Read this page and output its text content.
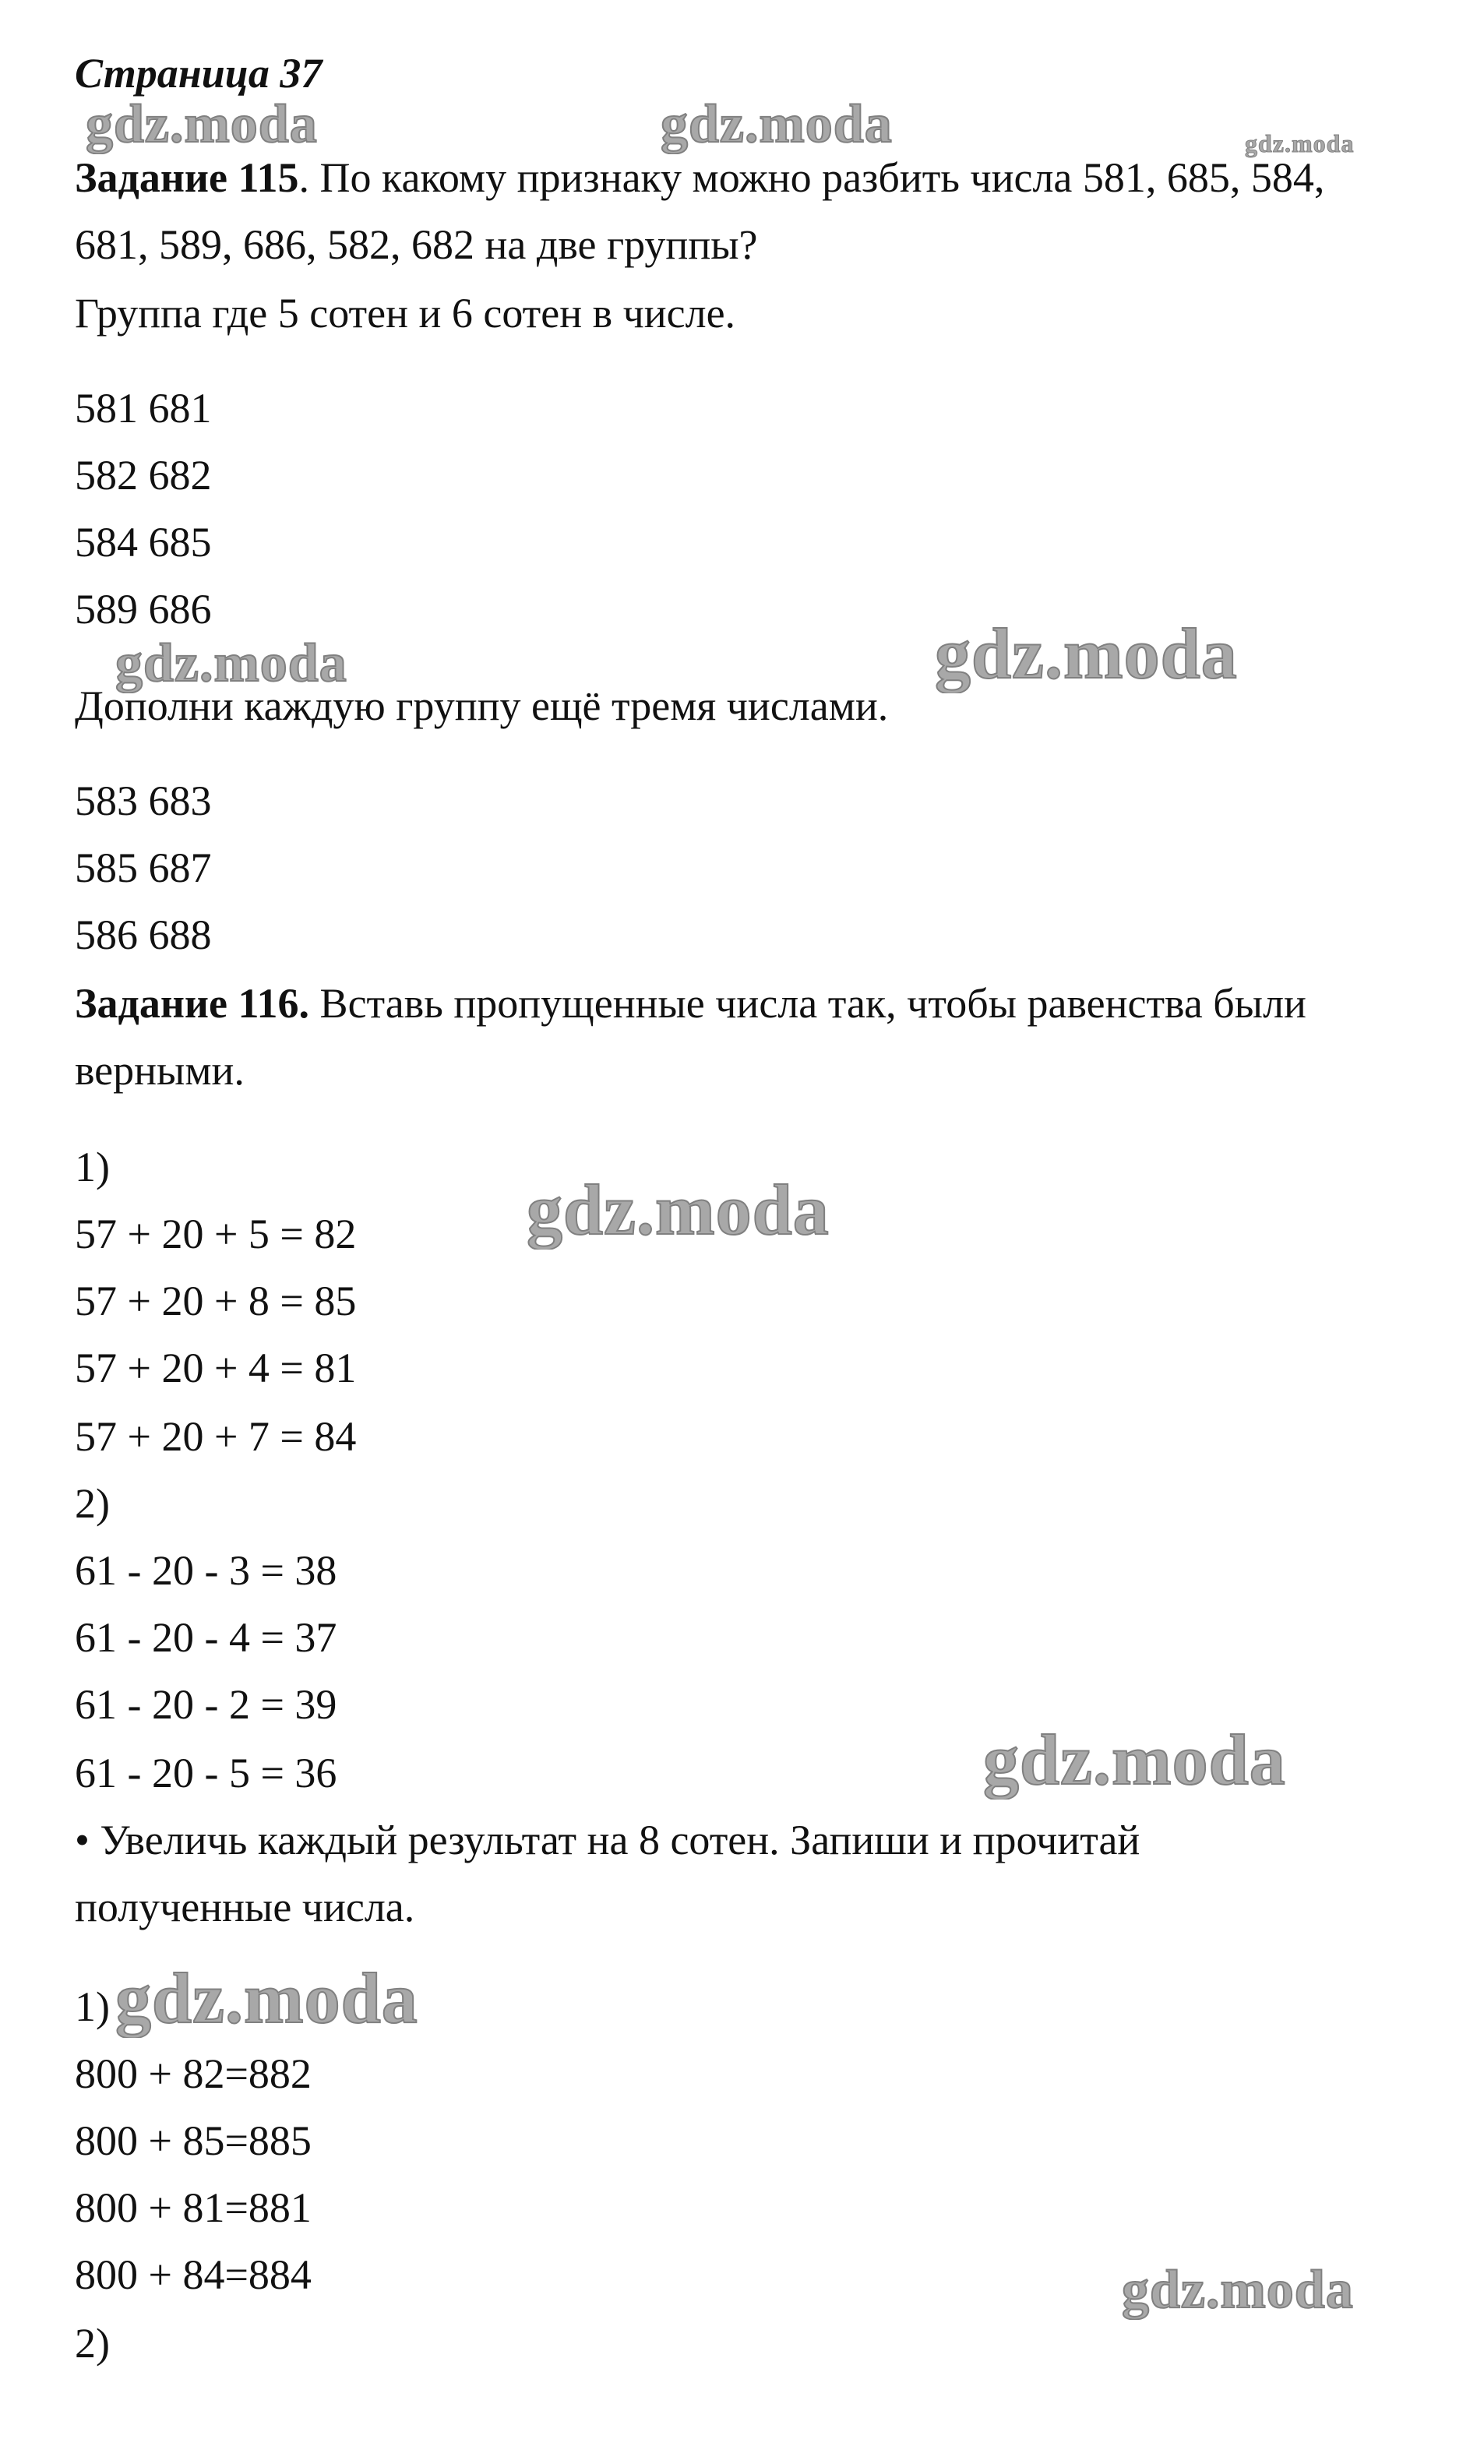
gdz.moda	gdz.moda	gdz.moda
gdz.moda	gdz.moda
gdz.moda
gdz.moda
gdz.moda
gdz.moda
Страница 37
Задание 115. По какому признаку можно разбить числа 581, 685, 584,
681, 589, 686, 582, 682 на две группы?
Группа где 5 сотен и 6 сотен в числе.
581 681
582 682
584 685
589 686
Дополни каждую группу ещё тремя числами.
583 683
585 687
586 688
Задание 116. Вставь пропущенные числа так, чтобы равенства были
верными.
1)
57 + 20 + 5 = 82
57 + 20 + 8 = 85
57 + 20 + 4 = 81
57 + 20 + 7 = 84
2)
61 - 20 - 3 = 38
61 - 20 - 4 = 37
61 - 20 - 2 = 39
61 - 20 - 5 = 36
• Увеличь каждый результат на 8 сотен. Запиши и прочитай
полученные числа.
1)
800 + 82=882
800 + 85=885
800 + 81=881
800 + 84=884
2)
